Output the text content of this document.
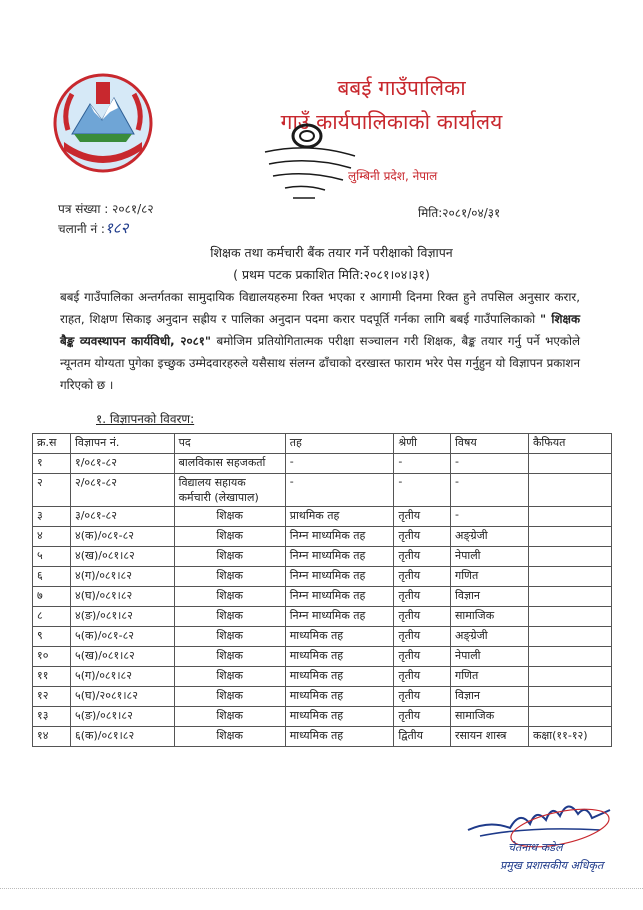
बबई गाउँपालिका
गाउँ कार्यपालिकाको कार्यालय
लुम्बिनी प्रदेश, नेपाल
पत्र संख्या : २०८१/८२
चलानी नं :१८२
मिति:२०८१/०४/३१
शिक्षक तथा कर्मचारी बैंक तयार गर्ने परीक्षाको विज्ञापन
( प्रथम पटक प्रकाशित मिति:२०८१।०४।३१)
बबई गाउँपालिका अन्तर्गतका सामुदायिक विद्यालयहरुमा रिक्त भएका र आगामी दिनमा रिक्त हुने तपसिल अनुसार करार, राहत, शिक्षण सिकाइ अनुदान सह्रीय र पालिका अनुदान पदमा करार पदपूर्ति गर्नका लागि बबई गाउँपालिकाको " शिक्षक बैङ्क व्यवस्थापन कार्यविधी, २०८१" बमोजिम प्रतियोगितात्मक परीक्षा सञ्चालन गरी शिक्षक, बैङ्क तयार गर्नु पर्ने भएकोले न्यूनतम योग्यता पुगेका इच्छुक उम्मेदवारहरुले यसैसाथ संलग्न ढाँचाको दरखास्त फाराम भरेर पेस गर्नुहुन यो विज्ञापन प्रकाशन गरिएको छ ।
१. विज्ञापनको विवरण:
क्र.स	विज्ञापन नं.	पद	तह	श्रेणी	विषय	कैफियत
१	१/०८१-८२	बालविकास सहजकर्ता	-	-	-	
२	२/०८१-८२	विद्यालय सहायक कर्मचारी (लेखापाल)	-	-	-	
३	३/०८१-८२	शिक्षक	प्राथमिक तह	तृतीय	-	
४	४(क)/०८१-८२	शिक्षक	निम्न माध्यमिक तह	तृतीय	अङ्ग्रेजी	
५	४(ख)/०८१।८२	शिक्षक	निम्न माध्यमिक तह	तृतीय	नेपाली	
६	४(ग)/०८१।८२	शिक्षक	निम्न माध्यमिक तह	तृतीय	गणित	
७	४(घ)/०८१।८२	शिक्षक	निम्न माध्यमिक तह	तृतीय	विज्ञान	
८	४(ङ)/०८१।८२	शिक्षक	निम्न माध्यमिक तह	तृतीय	सामाजिक	
९	५(क)/०८१-८२	शिक्षक	माध्यमिक तह	तृतीय	अङ्ग्रेजी	
१०	५(ख)/०८१।८२	शिक्षक	माध्यमिक तह	तृतीय	नेपाली	
११	५(ग)/०८१।८२	शिक्षक	माध्यमिक तह	तृतीय	गणित	
१२	५(घ)/२०८१।८२	शिक्षक	माध्यमिक तह	तृतीय	विज्ञान	
१३	५(ङ)/०८१।८२	शिक्षक	माध्यमिक तह	तृतीय	सामाजिक	
१४	६(क)/०८१।८२	शिक्षक	माध्यमिक तह	द्वितीय	रसायन शास्त्र	कक्षा(११-१२)
चेतनाथ कडेल
प्रमुख प्रशासकीय अधिकृत
